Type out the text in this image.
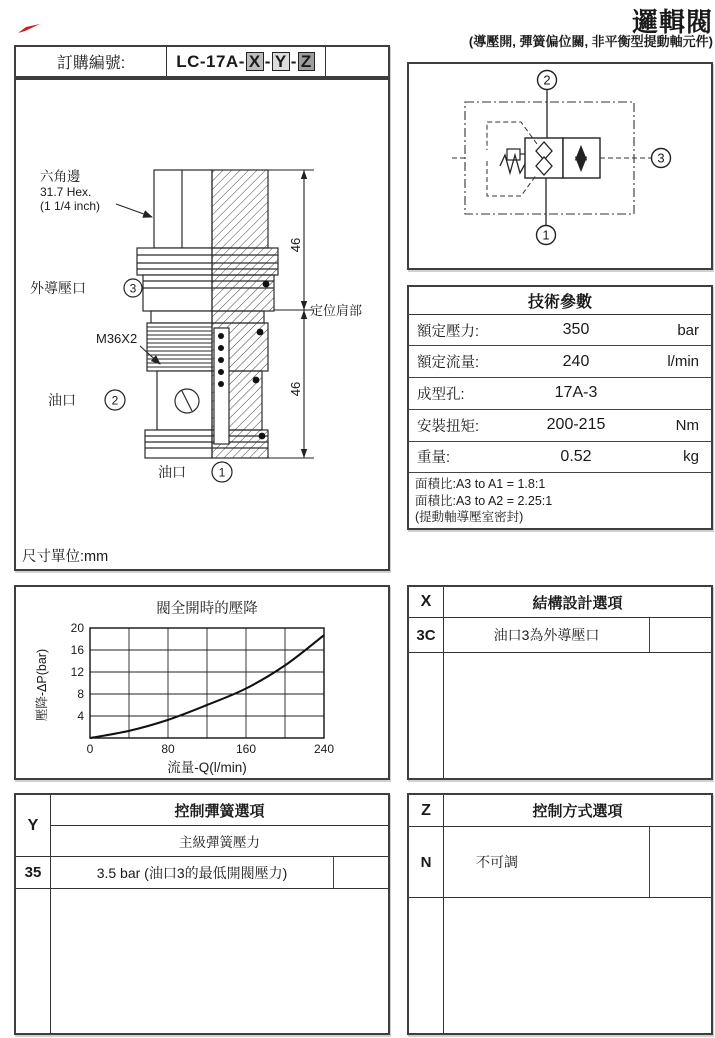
邏輯閥
(導壓開, 彈簧偏位關, 非平衡型提動軸元件)
訂購編號:	LC-17A- X - Y - Z
46
46
定位肩部
六角邊
31.7 Hex.
(1 1/4 inch)
外導壓口	3
M36X2
油口	2
油口	1
尺寸單位:mm
2
1
3
技術參數
額定壓力:	350	bar
額定流量:	240	l/min
成型孔:	17A-3
安裝扭矩:	200-215	Nm
重量:	0.52	kg
面積比:A3 to A1 = 1.8:1
面積比:A3 to A2 = 2.25:1
(提動軸導壓室密封)
閥全開時的壓降
壓降-ΔP(bar)
流量-Q(l/min)
0	80	160	240
4
8
12
16
20
X	結構設計選項
3C	油口3為外導壓口
Y
控制彈簧選項
主級彈簧壓力
35	3.5 bar (油口3的最低開閥壓力)
Z	控制方式選項
N	不可調
